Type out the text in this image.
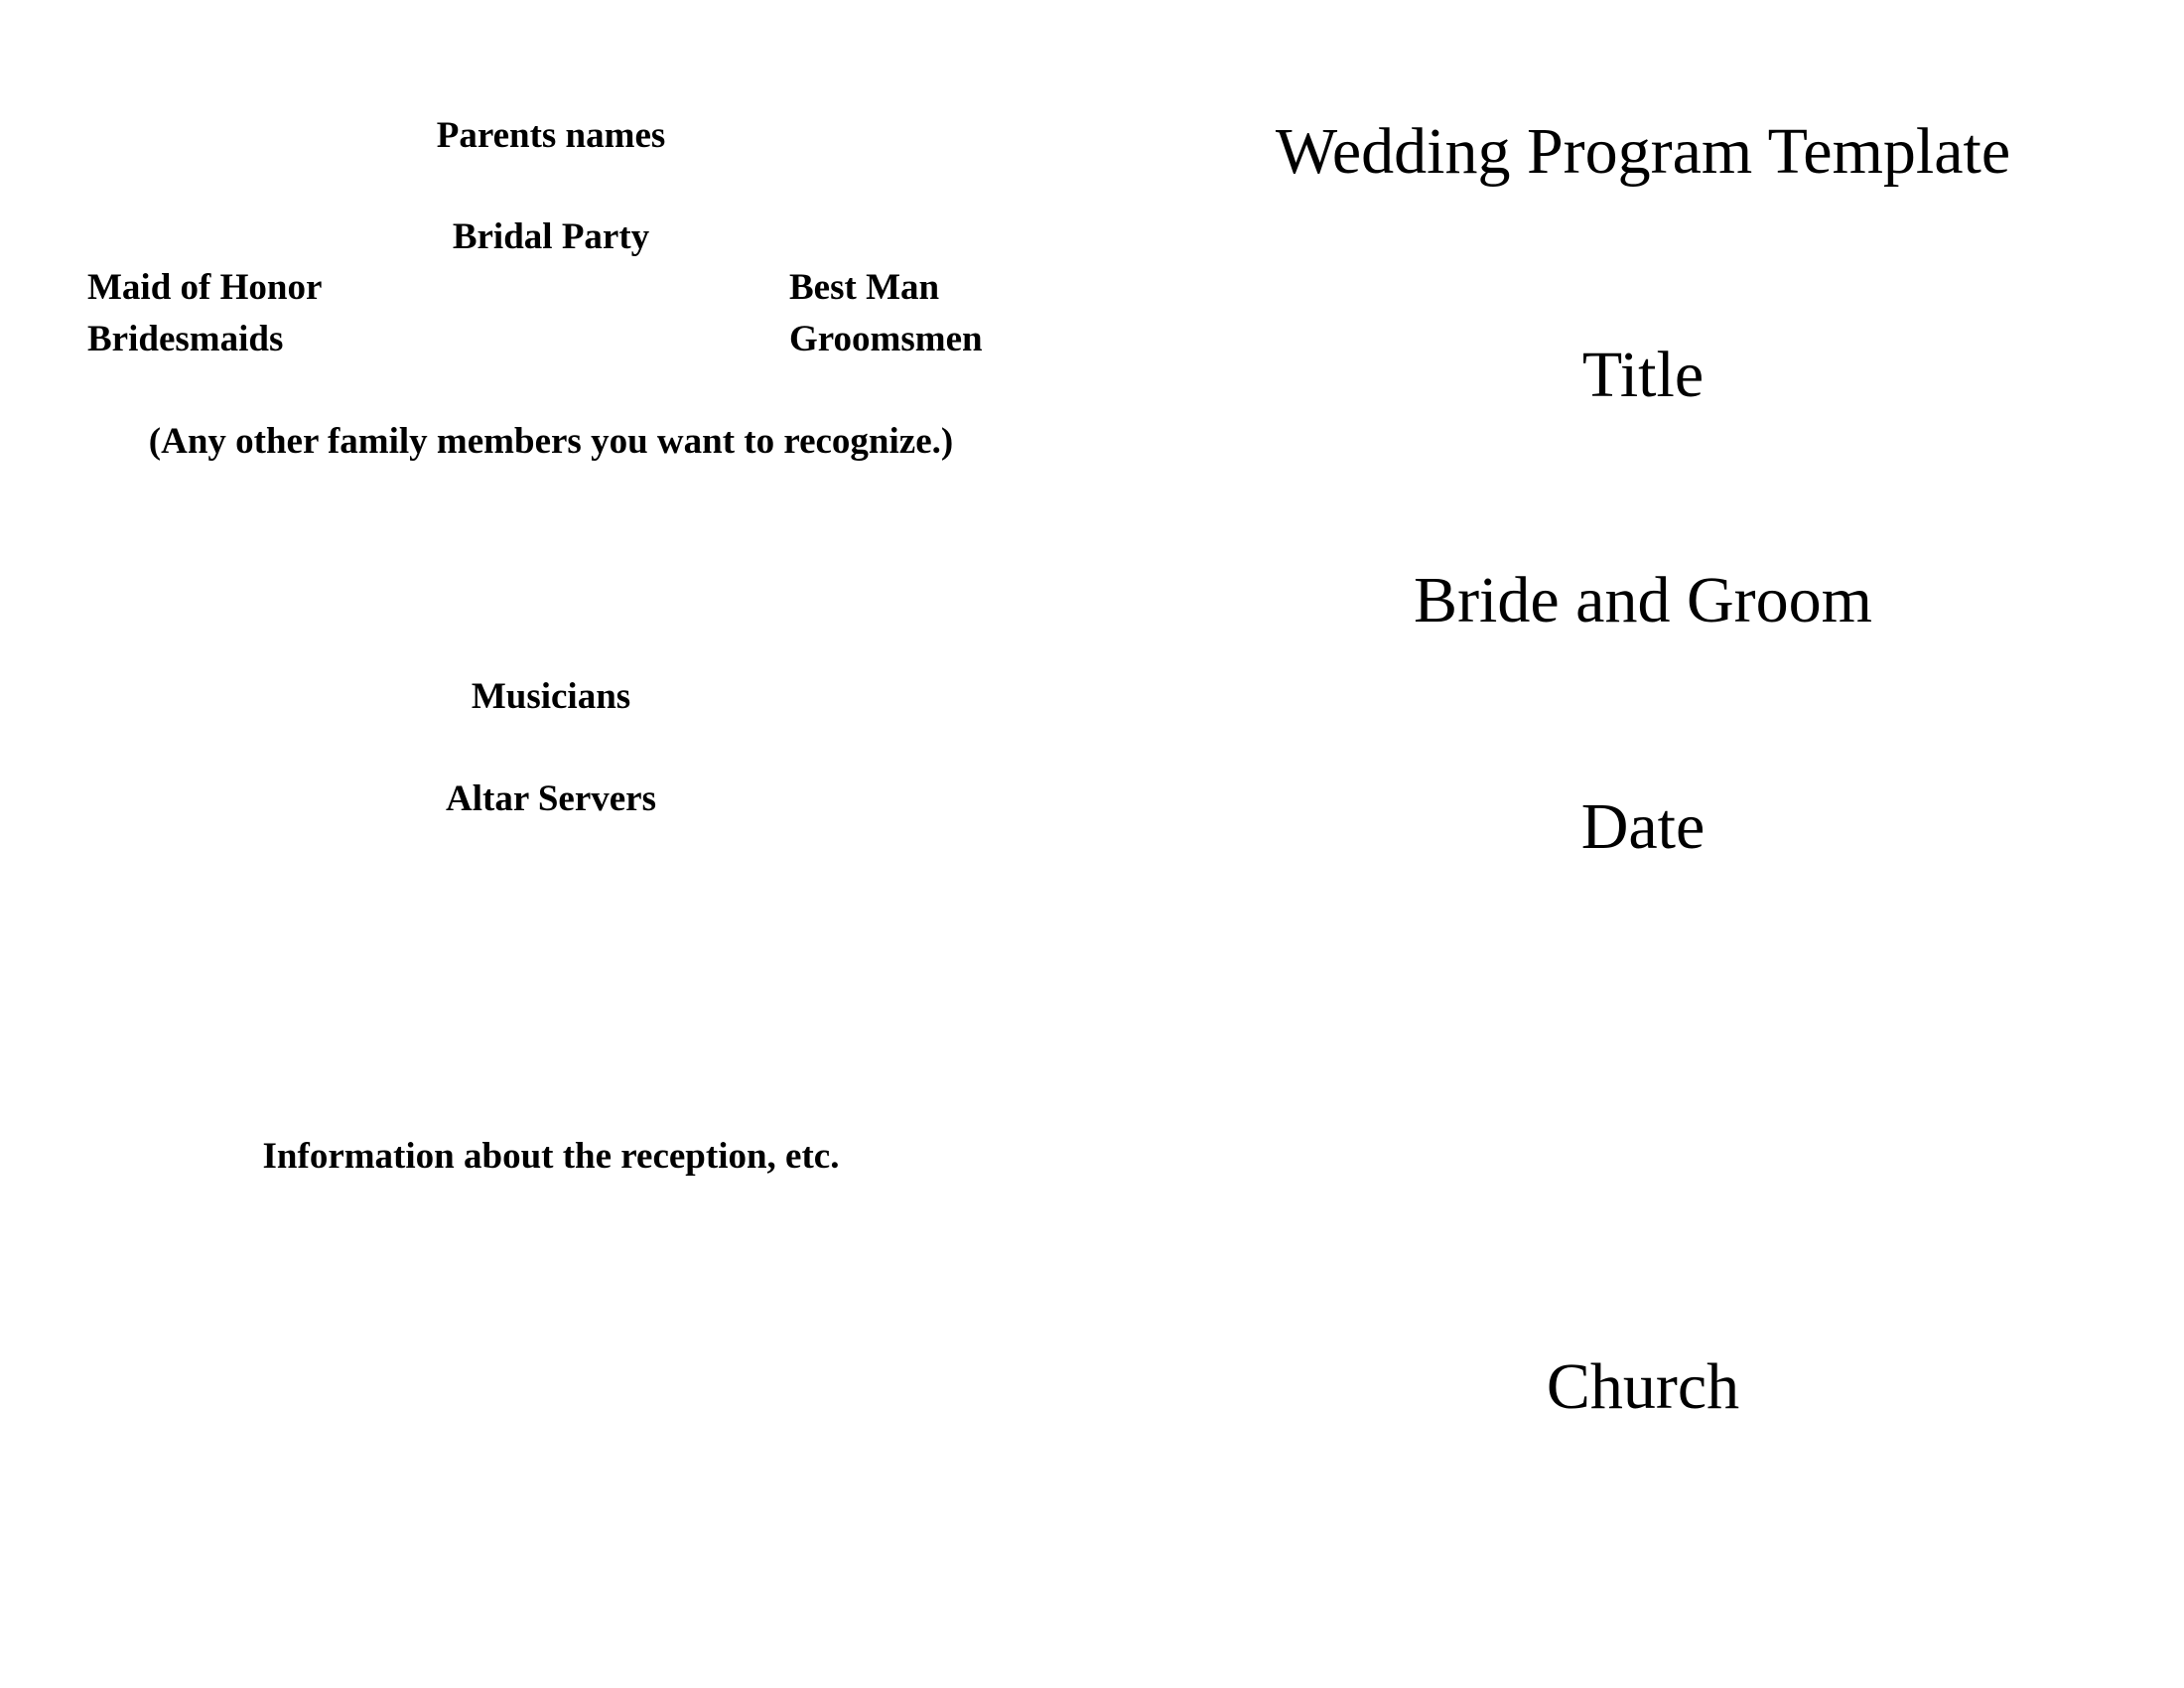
Parents names
Bridal Party
Maid of Honor
Bridesmaids
Best Man
Groomsmen
(Any other family members you want to recognize.)
Musicians
Altar Servers
Information about the reception, etc.
Wedding Program Template
Title
Bride and Groom
Date
Church
